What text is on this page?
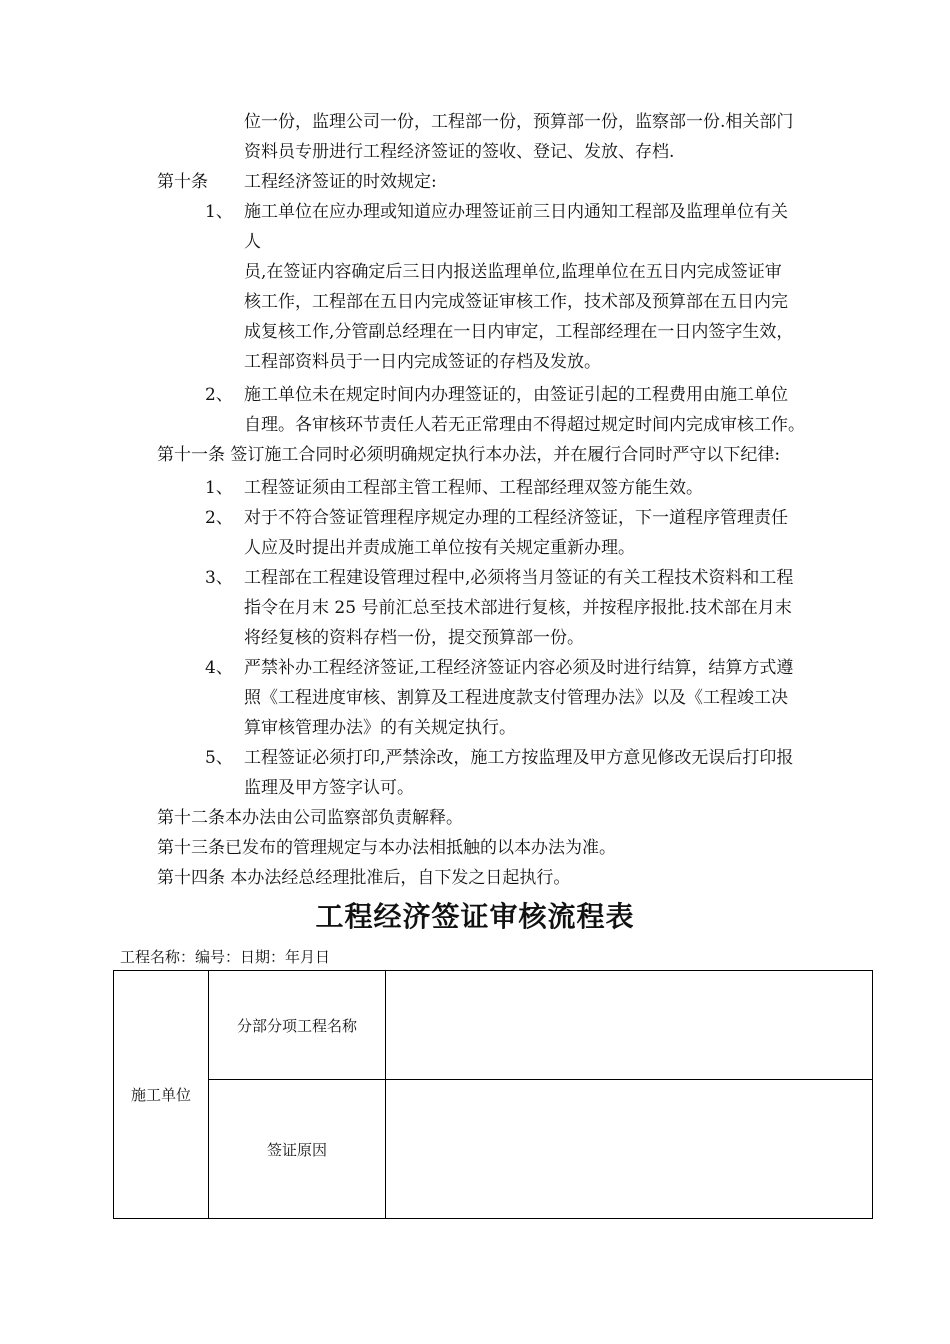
位一份，监理公司一份，工程部一份，预算部一份，监察部一份.相关部门
资料员专册进行工程经济签证的签收、登记、发放、存档.
第十条 工程经济签证的时效规定:
1、 施工单位在应办理或知道应办理签证前三日内通知工程部及监理单位有关
人
员,在签证内容确定后三日内报送监理单位,监理单位在五日内完成签证审
核工作，工程部在五日内完成签证审核工作，技术部及预算部在五日内完
成复核工作,分管副总经理在一日内审定，工程部经理在一日内签字生效，
工程部资料员于一日内完成签证的存档及发放。
2、 施工单位未在规定时间内办理签证的，由签证引起的工程费用由施工单位
自理。各审核环节责任人若无正常理由不得超过规定时间内完成审核工作。
第十一条 签订施工合同时必须明确规定执行本办法，并在履行合同时严守以下纪律:
1、 工程签证须由工程部主管工程师、工程部经理双签方能生效。
2、 对于不符合签证管理程序规定办理的工程经济签证，下一道程序管理责任
人应及时提出并责成施工单位按有关规定重新办理。
3、 工程部在工程建设管理过程中,必须将当月签证的有关工程技术资料和工程
指令在月末 25 号前汇总至技术部进行复核，并按程序报批.技术部在月末
将经复核的资料存档一份，提交预算部一份。
4、 严禁补办工程经济签证,工程经济签证内容必须及时进行结算，结算方式遵
照《工程进度审核、割算及工程进度款支付管理办法》以及《工程竣工决
算审核管理办法》的有关规定执行。
5、 工程签证必须打印,严禁涂改，施工方按监理及甲方意见修改无误后打印报
监理及甲方签字认可。
第十二条本办法由公司监察部负责解释。
第十三条已发布的管理规定与本办法相抵触的以本办法为准。
第十四条 本办法经总经理批准后，自下发之日起执行。
工程经济签证审核流程表
工程名称：编号：日期：年月日
施工单位	分部分项工程名称	
	签证原因	
